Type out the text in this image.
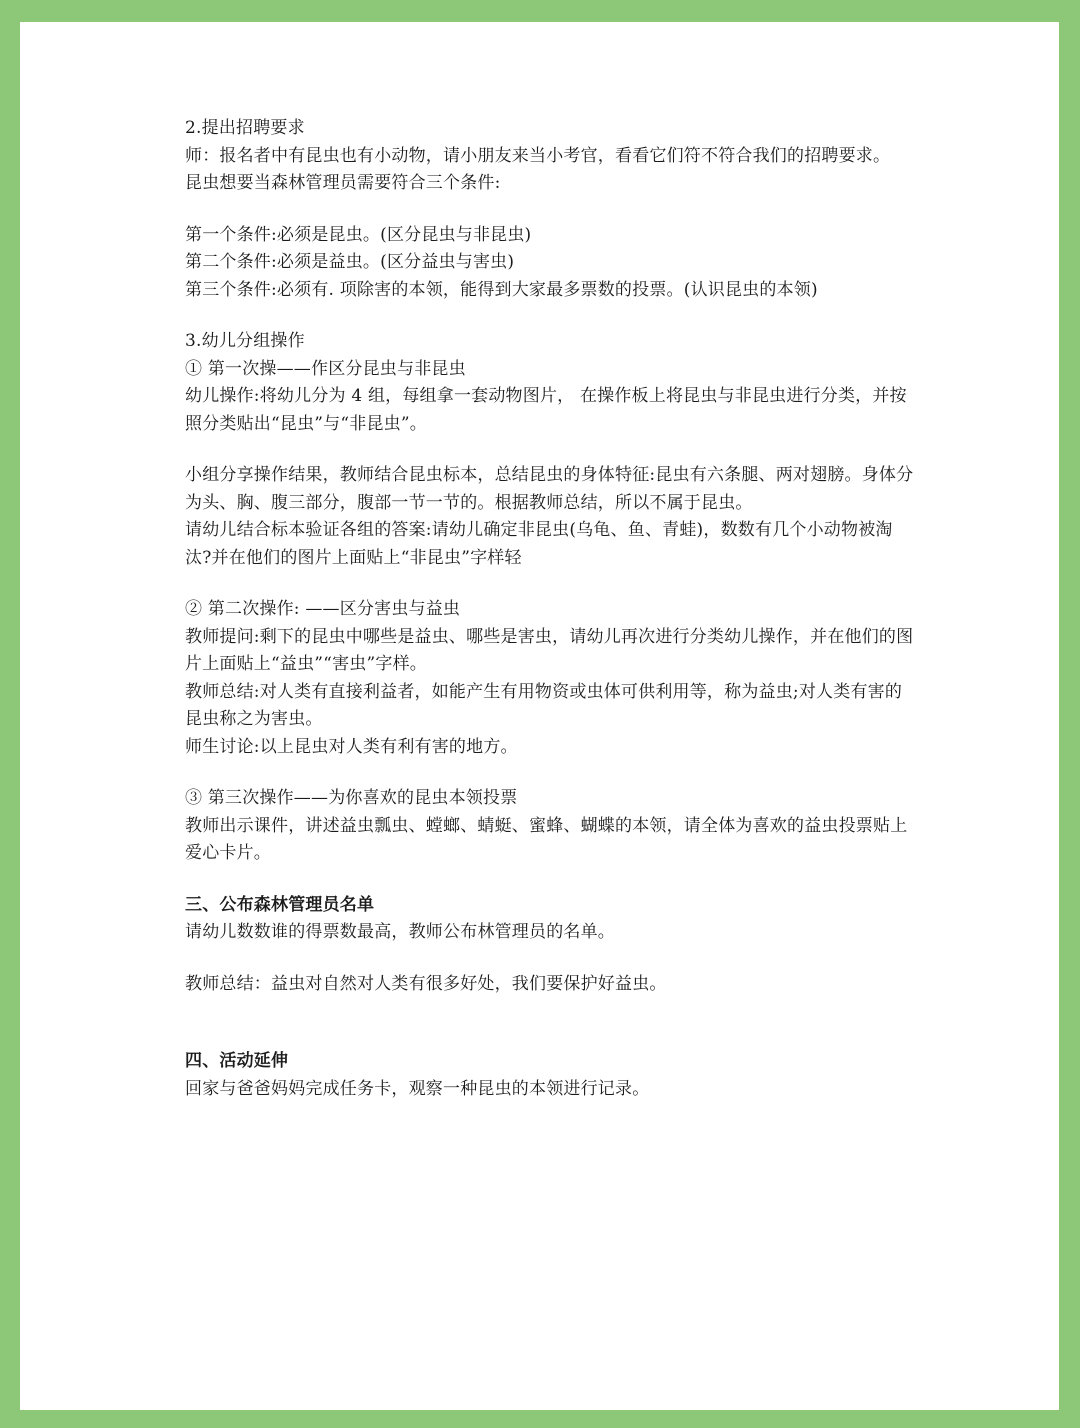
2.提出招聘要求

师：报名者中有昆虫也有小动物，请小朋友来当小考官，看看它们符不符合我们的招聘要求。

昆虫想要当森林管理员需要符合三个条件:

第一个条件:必须是昆虫。(区分昆虫与非昆虫)

第二个条件:必须是益虫。(区分益虫与害虫)

第三个条件:必须有. 项除害的本领，能得到大家最多票数的投票。(认识昆虫的本领)

3.幼儿分组操作

① 第一次操——作区分昆虫与非昆虫

幼儿操作:将幼儿分为 4 组，每组拿一套动物图片， 在操作板上将昆虫与非昆虫进行分类，并按照分类贴出“昆虫”与“非昆虫”。

小组分享操作结果，教师结合昆虫标本，总结昆虫的身体特征:昆虫有六条腿、两对翅膀。身体分为头、胸、腹三部分，腹部一节一节的。根据教师总结，所以不属于昆虫。

请幼儿结合标本验证各组的答案:请幼儿确定非昆虫(乌龟、鱼、青蛙)，数数有几个小动物被淘汰?并在他们的图片上面贴上“非昆虫”字样轻

② 第二次操作: ——区分害虫与益虫

教师提问:剩下的昆虫中哪些是益虫、哪些是害虫，请幼儿再次进行分类幼儿操作，并在他们的图片上面贴上“益虫”“害虫”字样。

教师总结:对人类有直接利益者，如能产生有用物资或虫体可供利用等，称为益虫;对人类有害的昆虫称之为害虫。

师生讨论:以上昆虫对人类有利有害的地方。

③ 第三次操作——为你喜欢的昆虫本领投票

教师出示课件，讲述益虫瓢虫、螳螂、蜻蜓、蜜蜂、蝴蝶的本领，请全体为喜欢的益虫投票贴上爱心卡片。

三、公布森林管理员名单

请幼儿数数谁的得票数最高，教师公布林管理员的名单。

教师总结：益虫对自然对人类有很多好处，我们要保护好益虫。

四、活动延伸

回家与爸爸妈妈完成任务卡，观察一种昆虫的本领进行记录。
